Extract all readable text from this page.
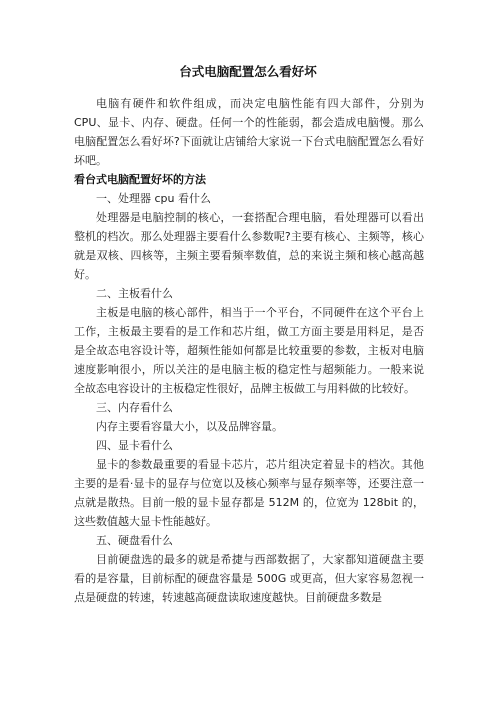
台式电脑配置怎么看好坏

电脑有硬件和软件组成，而决定电脑性能有四大部件，分别为CPU、显卡、内存、硬盘。任何一个的性能弱，都会造成电脑慢。那么电脑配置怎么看好坏?下面就让店铺给大家说一下台式电脑配置怎么看好坏吧。

看台式电脑配置好坏的方法

一、处理器 cpu 看什么

处理器是电脑控制的核心，一套搭配合理电脑，看处理器可以看出整机的档次。那么处理器主要看什么参数呢?主要有核心、主频等，核心就是双核、四核等，主频主要看频率数值，总的来说主频和核心越高越好。

二、主板看什么

主板是电脑的核心部件，相当于一个平台，不同硬件在这个平台上工作，主板最主要看的是工作和芯片组，做工方面主要是用料足，是否是全故态电容设计等，超频性能如何都是比较重要的参数，主板对电脑速度影响很小，所以关注的是电脑主板的稳定性与超频能力。一般来说全故态电容设计的主板稳定性很好，品牌主板做工与用料做的比较好。

三、内存看什么

内存主要看容量大小，以及品牌容量。

四、显卡看什么

显卡的参数最重要的看显卡芯片，芯片组决定着显卡的档次。其他主要的是看·显卡的显存与位宽以及核心频率与显存频率等，还要注意一点就是散热。目前一般的显卡显存都是 512M 的，位宽为 128bit 的，这些数值越大显卡性能越好。

五、硬盘看什么

目前硬盘选的最多的就是希捷与西部数据了，大家都知道硬盘主要看的是容量，目前标配的硬盘容量是 500G 或更高，但大家容易忽视一点是硬盘的转速，转速越高硬盘读取速度越快。目前硬盘多数是
